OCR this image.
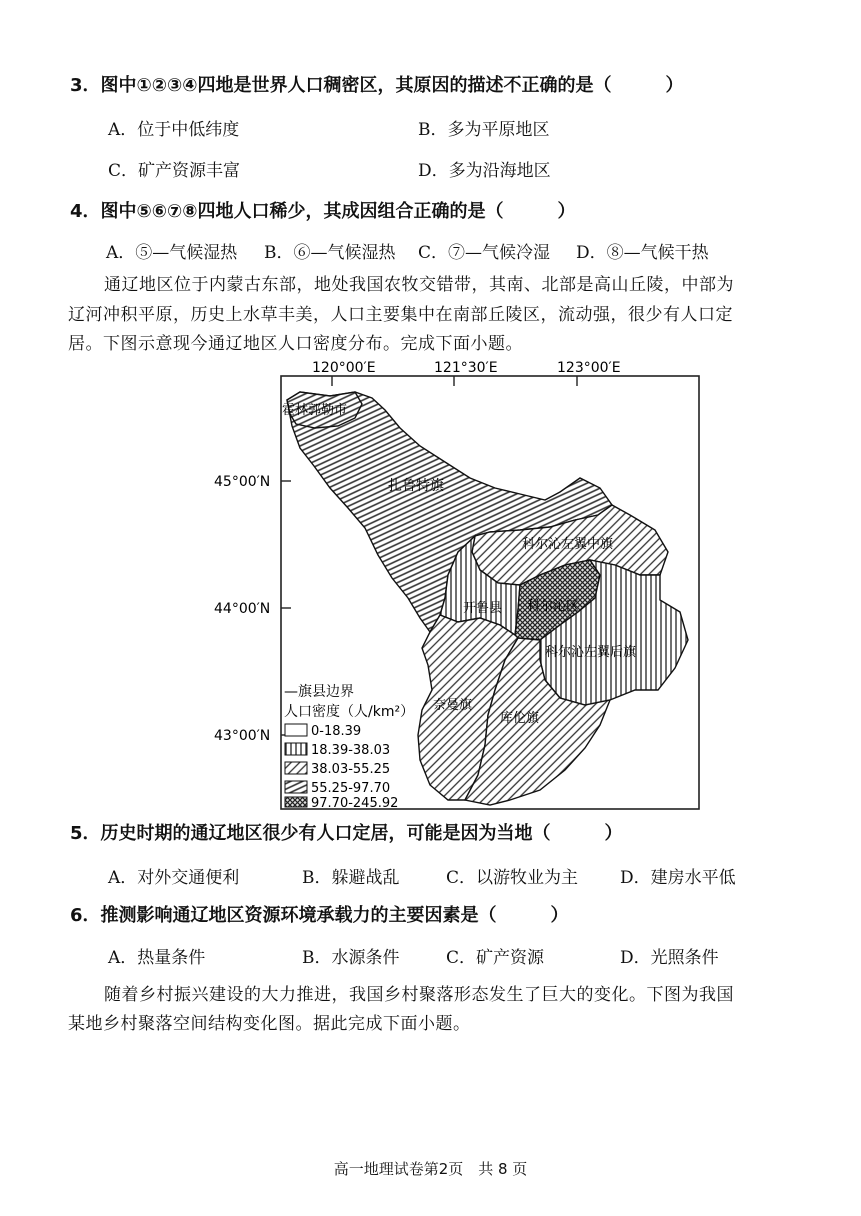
3．图中①②③④四地是世界人口稠密区，其原因的描述不正确的是（　　　）
A．位于中低纬度	B．多为平原地区
C．矿产资源丰富	D．多为沿海地区
4．图中⑤⑥⑦⑧四地人口稀少，其成因组合正确的是（　　　）
A．⑤—气候湿热 B．⑥—气候湿热 C．⑦—气候冷湿 D．⑧—气候干热
通辽地区位于内蒙古东部，地处我国农牧交错带，其南、北部是高山丘陵，中部为
辽河冲积平原，历史上水草丰美，人口主要集中在南部丘陵区，流动强，很少有人口定
居。下图示意现今通辽地区人口密度分布。完成下面小题。
120°00′E	121°30′E	123°00′E
45°00′N
44°00′N
43°00′N
霍林郭勒市
扎鲁特旗
科尔沁左翼中旗
开鲁县 科尔沁区
科尔沁左翼后旗
奈曼旗
库伦旗
—旗县边界
人口密度（人/km²）
0-18.39
18.39-38.03
38.03-55.25
55.25-97.70
97.70-245.92
5．历史时期的通辽地区很少有人口定居，可能是因为当地（　　　）
A．对外交通便利	B．躲避战乱	C．以游牧业为主 D．建房水平低
6．推测影响通辽地区资源环境承载力的主要因素是（　　　）
A．热量条件	B．水源条件	C．矿产资源	D．光照条件
随着乡村振兴建设的大力推进，我国乡村聚落形态发生了巨大的变化。下图为我国
某地乡村聚落空间结构变化图。据此完成下面小题。
高一地理试卷第2页　共 8 页
